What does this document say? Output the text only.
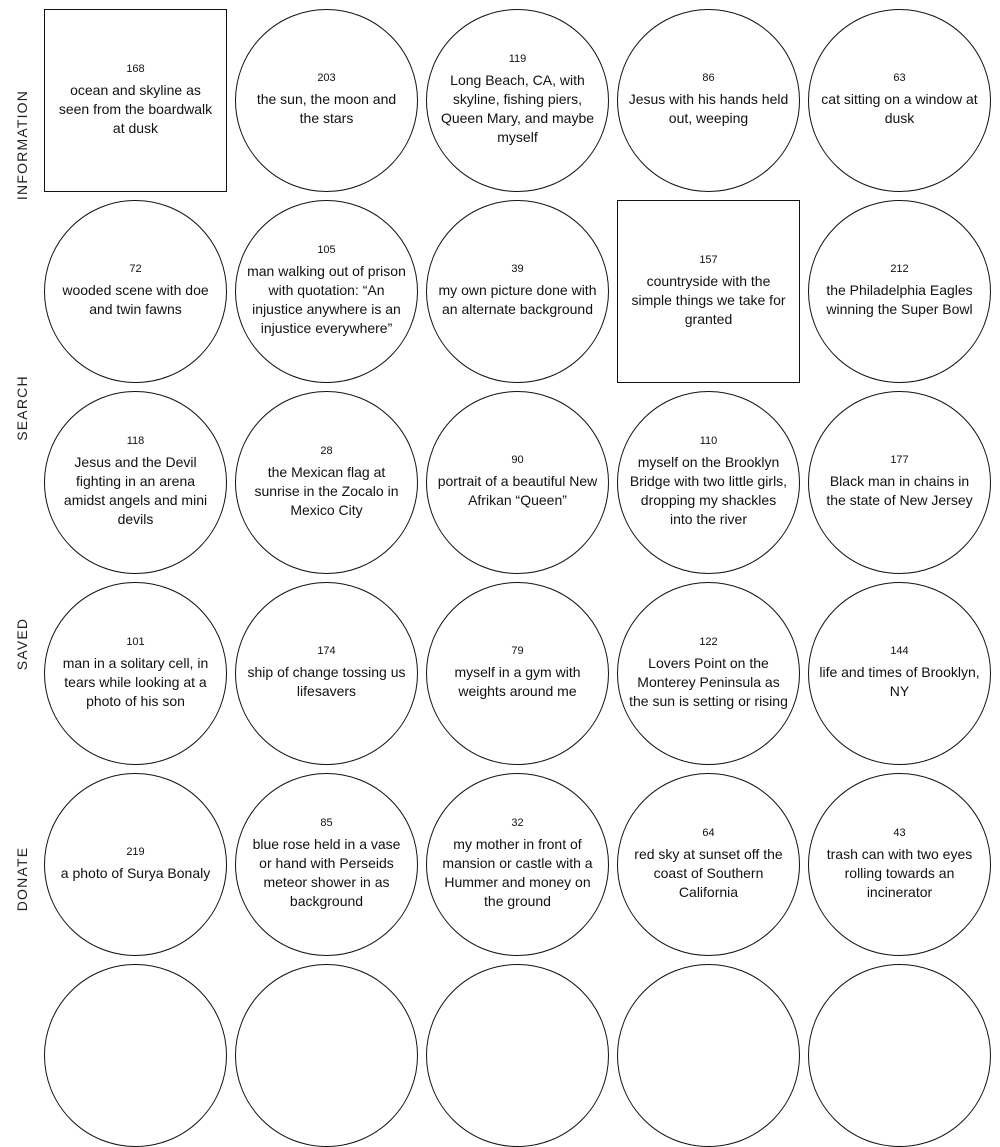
INFORMATION
SEARCH
SAVED
DONATE
168
ocean and skyline as seen from the boardwalk at dusk
203
the sun, the moon and the stars
119
Long Beach, CA, with skyline, fishing piers, Queen Mary, and maybe myself
86
Jesus with his hands held out, weeping
63
cat sitting on a window at dusk
72
wooded scene with doe and twin fawns
105
man walking out of prison with quotation: “An injustice anywhere is an injustice everywhere”
39
my own picture done with an alternate background
157
countryside with the simple things we take for granted
212
the Philadelphia Eagles winning the Super Bowl
118
Jesus and the Devil fighting in an arena amidst angels and mini devils
28
the Mexican flag at sunrise in the Zocalo in Mexico City
90
portrait of a beautiful New Afrikan “Queen”
110
myself on the Brooklyn Bridge with two little girls, dropping my shackles into the river
177
Black man in chains in the state of New Jersey
101
man in a solitary cell, in tears while looking at a photo of his son
174
ship of change tossing us lifesavers
79
myself in a gym with weights around me
122
Lovers Point on the Monterey Peninsula as the sun is setting or rising
144
life and times of Brooklyn, NY
219
a photo of Surya Bonaly
85
blue rose held in a vase or hand with Perseids meteor shower in as background
32
my mother in front of mansion or castle with a Hummer and money on the ground
64
red sky at sunset off the coast of Southern California
43
trash can with two eyes rolling towards an incinerator
